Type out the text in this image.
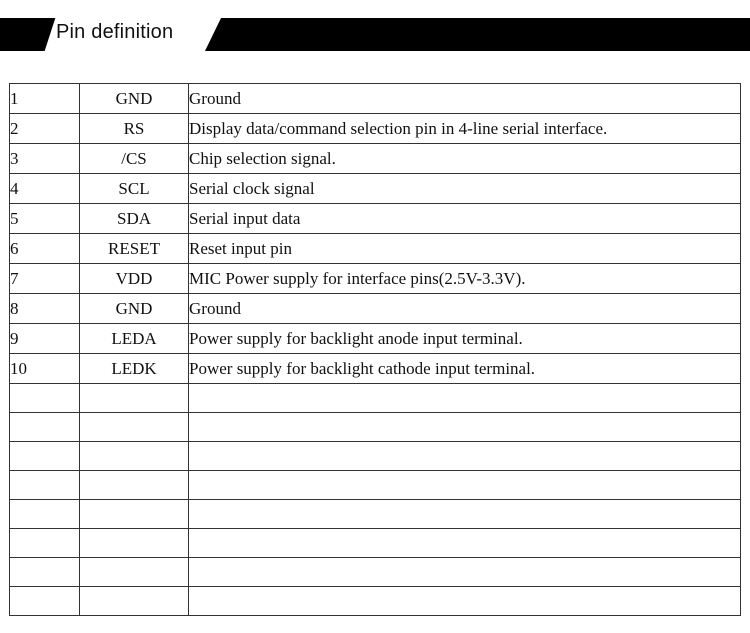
Pin definition
1	GND	Ground
2	RS	Display data/command selection pin in 4-line serial interface.
3	/CS	Chip selection signal.
4	SCL	Serial clock signal
5	SDA	Serial input data
6	RESET	Reset input pin
7	VDD	MIC Power supply for interface pins(2.5V-3.3V).
8	GND	Ground
9	LEDA	Power supply for backlight anode input terminal.
10	LEDK	Power supply for backlight cathode input terminal.
